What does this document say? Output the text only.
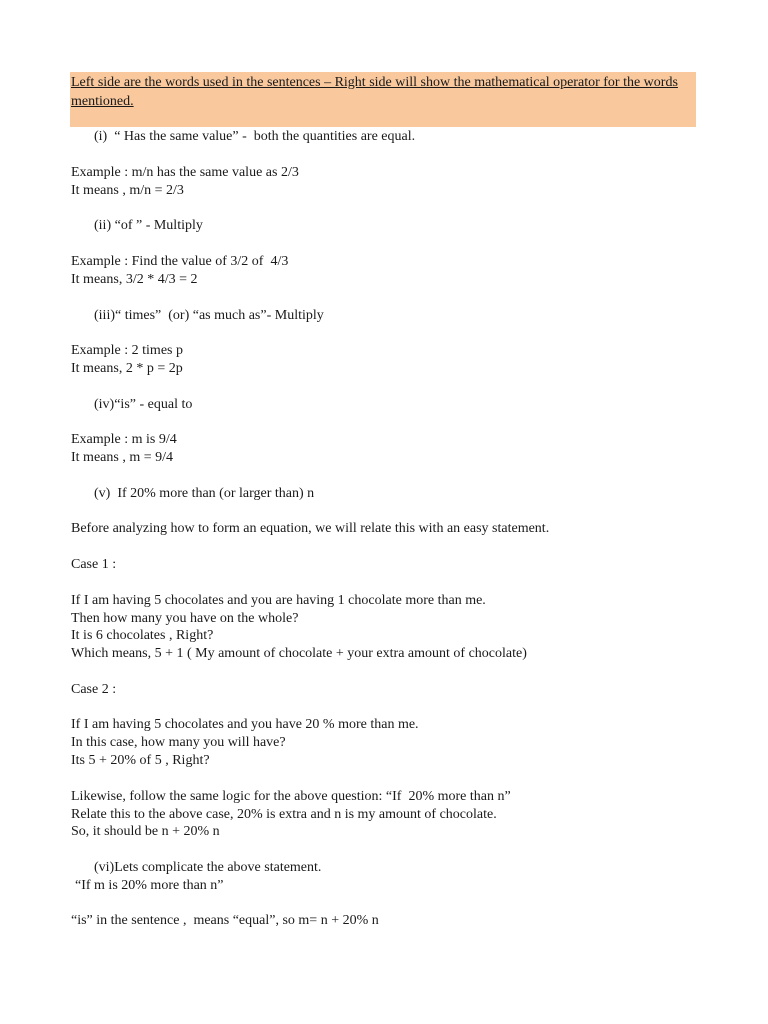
Left side are the words used in the sentences – Right side will show the mathematical operator for the words mentioned.
(i)  “ Has the same value” -  both the quantities are equal.
Example : m/n has the same value as 2/3
It means , m/n = 2/3
(ii) “of ” - Multiply
Example : Find the value of 3/2 of  4/3
It means, 3/2 * 4/3 = 2
(iii)“ times”  (or) “as much as”- Multiply
Example : 2 times p
It means, 2 * p = 2p
(iv)“is” - equal to
Example : m is 9/4
It means , m = 9/4
(v)  If 20% more than (or larger than) n
Before analyzing how to form an equation, we will relate this with an easy statement.
Case 1 :
If I am having 5 chocolates and you are having 1 chocolate more than me.
Then how many you have on the whole?
It is 6 chocolates , Right?
Which means, 5 + 1 ( My amount of chocolate + your extra amount of chocolate)
Case 2 :
If I am having 5 chocolates and you have 20 % more than me.
In this case, how many you will have?
Its 5 + 20% of 5 , Right?
Likewise, follow the same logic for the above question: “If  20% more than n”
Relate this to the above case, 20% is extra and n is my amount of chocolate.
So, it should be n + 20% n
(vi)Lets complicate the above statement.
“If m is 20% more than n”
“is” in the sentence ,  means “equal”, so m= n + 20% n
